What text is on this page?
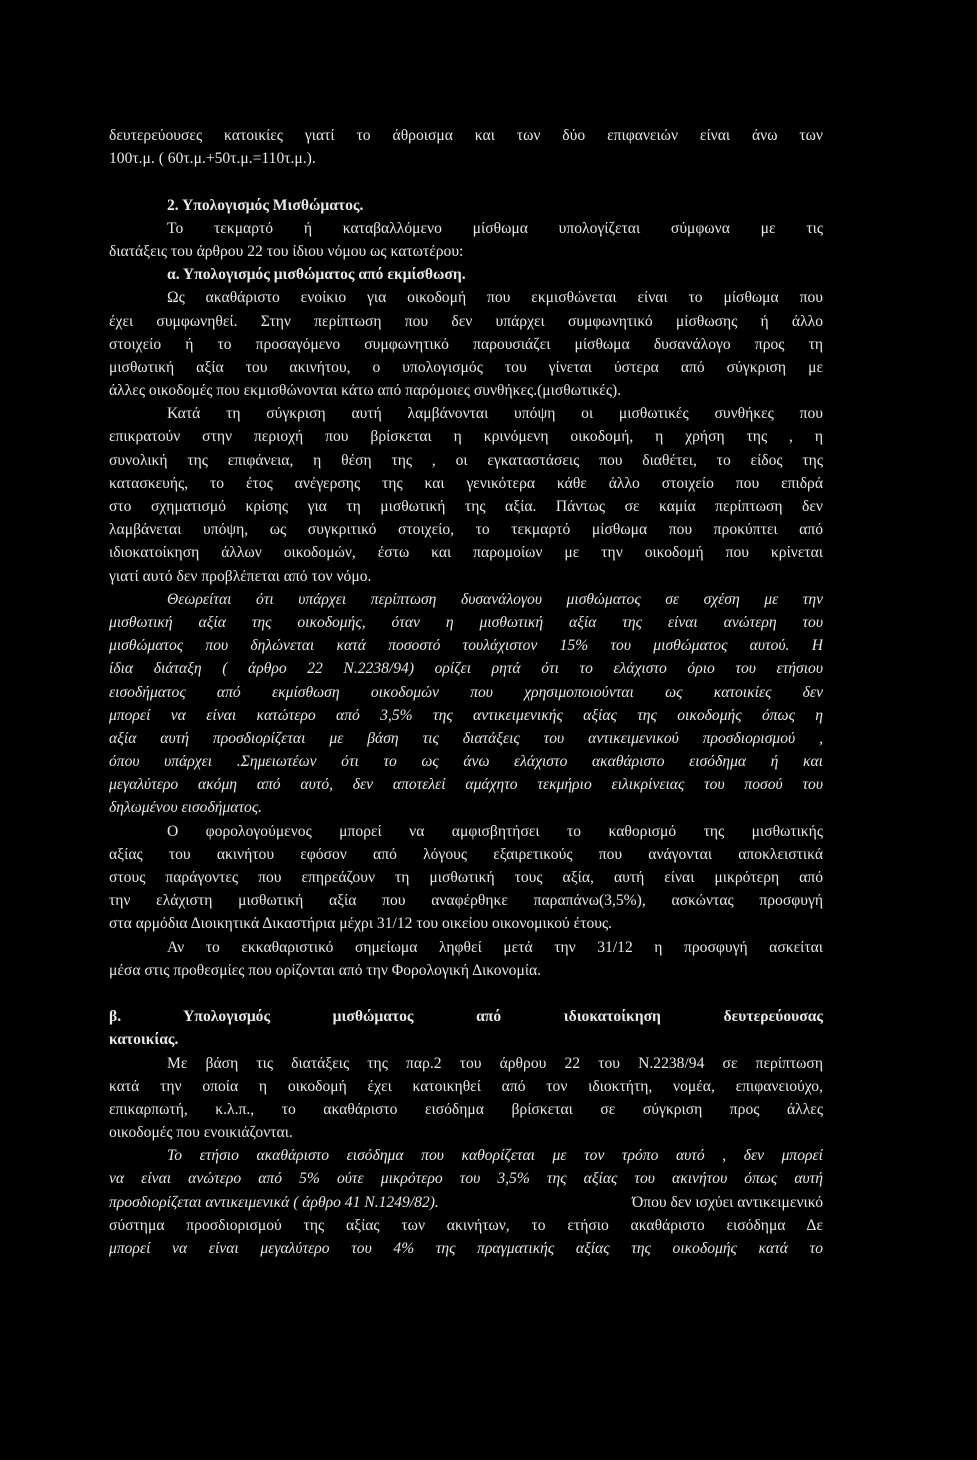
δευτερεύουσες κατοικίες γιατί το άθροισμα και των δύο επιφανειών είναι άνω των
100τ.μ. ( 60τ.μ.+50τ.μ.=110τ.μ.).
2. Υπολογισμός Μισθώματος.
Το τεκμαρτό ή καταβαλλόμενο μίσθωμα υπολογίζεται σύμφωνα με τις
διατάξεις του άρθρου 22 του ίδιου νόμου ως κατωτέρου:
α. Υπολογισμός μισθώματος από εκμίσθωση.
Ως ακαθάριστο ενοίκιο για οικοδομή που εκμισθώνεται είναι το μίσθωμα που
έχει συμφωνηθεί. Στην περίπτωση που δεν υπάρχει συμφωνητικό μίσθωσης ή άλλο
στοιχείο ή το προσαγόμενο συμφωνητικό παρουσιάζει μίσθωμα δυσανάλογο προς τη
μισθωτική αξία του ακινήτου, ο υπολογισμός του γίνεται ύστερα από σύγκριση με
άλλες οικοδομές που εκμισθώνονται κάτω από παρόμοιες συνθήκες.(μισθωτικές).
Κατά τη σύγκριση αυτή λαμβάνονται υπόψη οι μισθωτικές συνθήκες που
επικρατούν στην περιοχή που βρίσκεται η κρινόμενη οικοδομή, η χρήση της , η
συνολική της επιφάνεια, η θέση της , οι εγκαταστάσεις που διαθέτει, το είδος της
κατασκευής, το έτος ανέγερσης της και γενικότερα κάθε άλλο στοιχείο που επιδρά
στο σχηματισμό κρίσης για τη μισθωτική της αξία. Πάντως σε καμία περίπτωση δεν
λαμβάνεται υπόψη, ως συγκριτικό στοιχείο, το τεκμαρτό μίσθωμα που προκύπτει από
ιδιοκατοίκηση άλλων οικοδομών, έστω και παρομοίων με την οικοδομή που κρίνεται
γιατί αυτό δεν προβλέπεται από τον νόμο.
Θεωρείται ότι υπάρχει περίπτωση δυσανάλογου μισθώματος σε σχέση με την
μισθωτική αξία της οικοδομής, όταν η μισθωτική αξία της είναι ανώτερη του
μισθώματος που δηλώνεται κατά ποσοστό τουλάχιστον 15% του μισθώματος αυτού. Η
ίδια διάταξη ( άρθρο 22 Ν.2238/94) ορίζει ρητά ότι το ελάχιστο όριο του ετήσιου
εισοδήματος από εκμίσθωση οικοδομών που χρησιμοποιούνται ως κατοικίες δεν
μπορεί να είναι κατώτερο από 3,5% της αντικειμενικής αξίας της οικοδομής όπως η
αξία αυτή προσδιορίζεται με βάση τις διατάξεις του αντικειμενικού προσδιορισμού ,
όπου υπάρχει .Σημειωτέων ότι το ως άνω ελάχιστο ακαθάριστο εισόδημα ή και
μεγαλύτερο ακόμη από αυτό, δεν αποτελεί αμάχητο τεκμήριο ειλικρίνειας του ποσού του
δηλωμένου εισοδήματος.
Ο φορολογούμενος μπορεί να αμφισβητήσει το καθορισμό της μισθωτικής
αξίας του ακινήτου εφόσον από λόγους εξαιρετικούς που ανάγονται αποκλειστικά
στους παράγοντες που επηρεάζουν τη μισθωτική τους αξία, αυτή είναι μικρότερη από
την ελάχιστη μισθωτική αξία που αναφέρθηκε παραπάνω(3,5%), ασκώντας προσφυγή
στα αρμόδια Διοικητικά Δικαστήρια μέχρι 31/12 του οικείου οικονομικού έτους.
Αν το εκκαθαριστικό σημείωμα ληφθεί μετά την 31/12 η προσφυγή ασκείται
μέσα στις προθεσμίες που ορίζονται από την Φορολογική Δικονομία.
β. Υπολογισμός μισθώματος από ιδιοκατοίκηση δευτερεύουσας
κατοικίας.
Με βάση τις διατάξεις της παρ.2 του άρθρου 22 του Ν.2238/94 σε περίπτωση
κατά την οποία η οικοδομή έχει κατοικηθεί από τον ιδιοκτήτη, νομέα, επιφανειούχο,
επικαρπωτή, κ.λ.π., το ακαθάριστο εισόδημα βρίσκεται σε σύγκριση προς άλλες
οικοδομές που ενοικιάζονται.
Το ετήσιο ακαθάριστο εισόδημα που καθορίζεται με τον τρόπο αυτό , δεν μπορεί
να είναι ανώτερο από 5% ούτε μικρότερο του 3,5% της αξίας του ακινήτου όπως αυτή
προσδιορίζεται αντικειμενικά ( άρθρο 41 Ν.1249/82).	Όπου δεν ισχύει αντικειμενικό
σύστημα προσδιορισμού της αξίας των ακινήτων, το ετήσιο ακαθάριστο εισόδημα Δε
μπορεί να είναι μεγαλύτερο του 4% της πραγματικής αξίας της οικοδομής κατά το
